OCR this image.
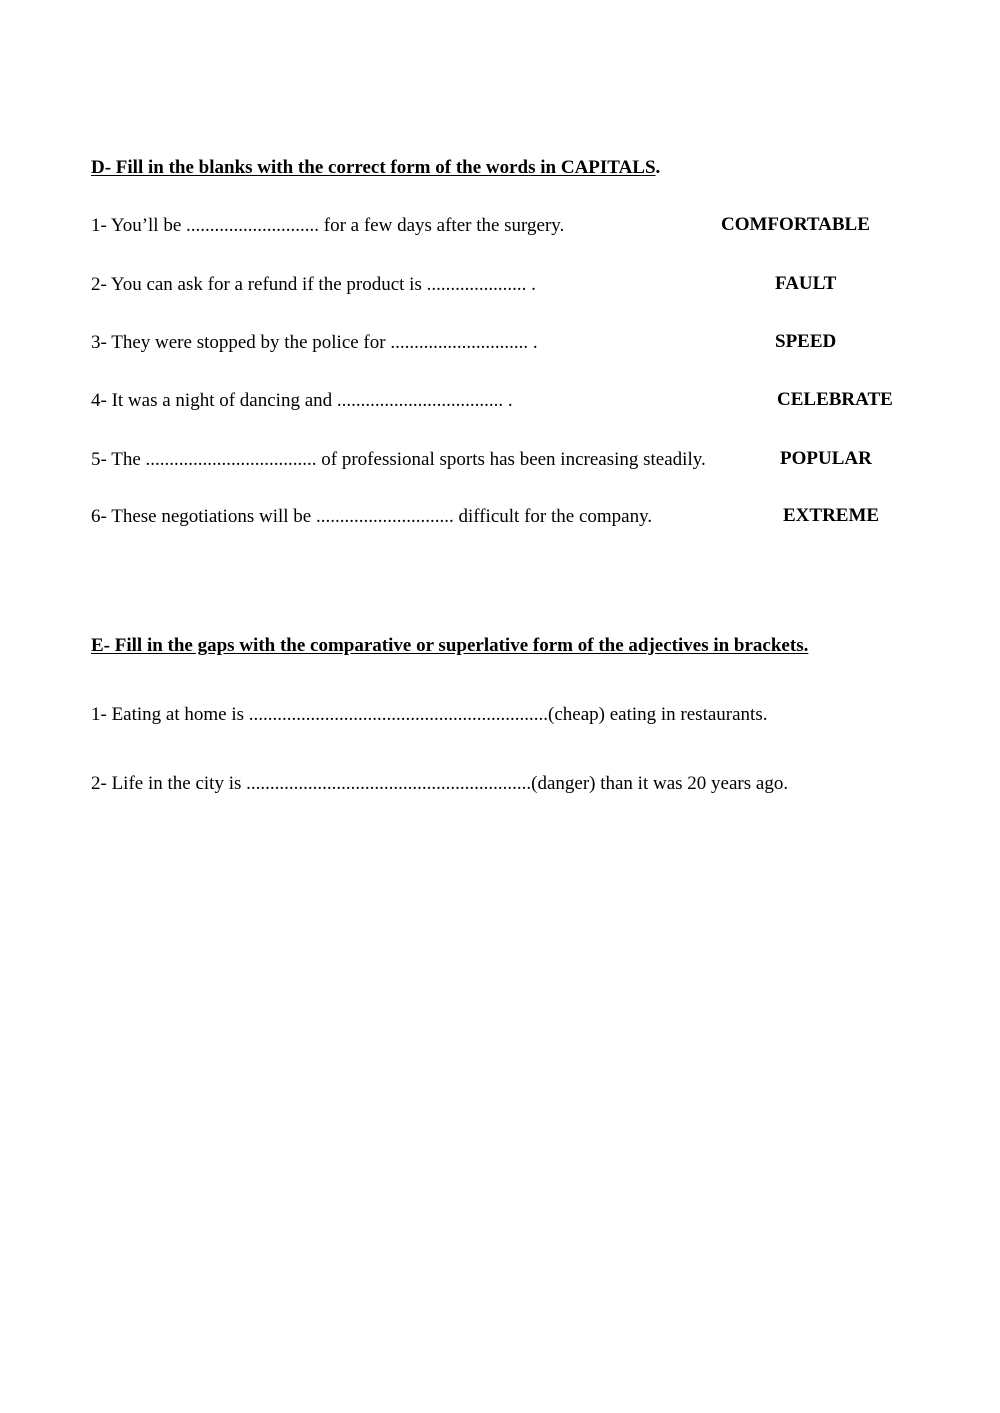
D- Fill in the blanks with the correct form of the words in CAPITALS.
1- You’ll be ............................ for a few days after the surgery.	COMFORTABLE
2- You can ask for a refund if the product is ..................... .	FAULT
3- They were stopped by the police for ............................. .	SPEED
4- It was a night of dancing and ................................... .	CELEBRATE
5- The .................................... of professional sports has been increasing steadily.	POPULAR
6- These negotiations will be ............................. difficult for the company.	EXTREME
E- Fill in the gaps with the comparative or superlative form of the adjectives in brackets.
1- Eating at home is ...............................................................(cheap) eating in restaurants.
2- Life in the city is ............................................................(danger) than it was 20 years ago.
